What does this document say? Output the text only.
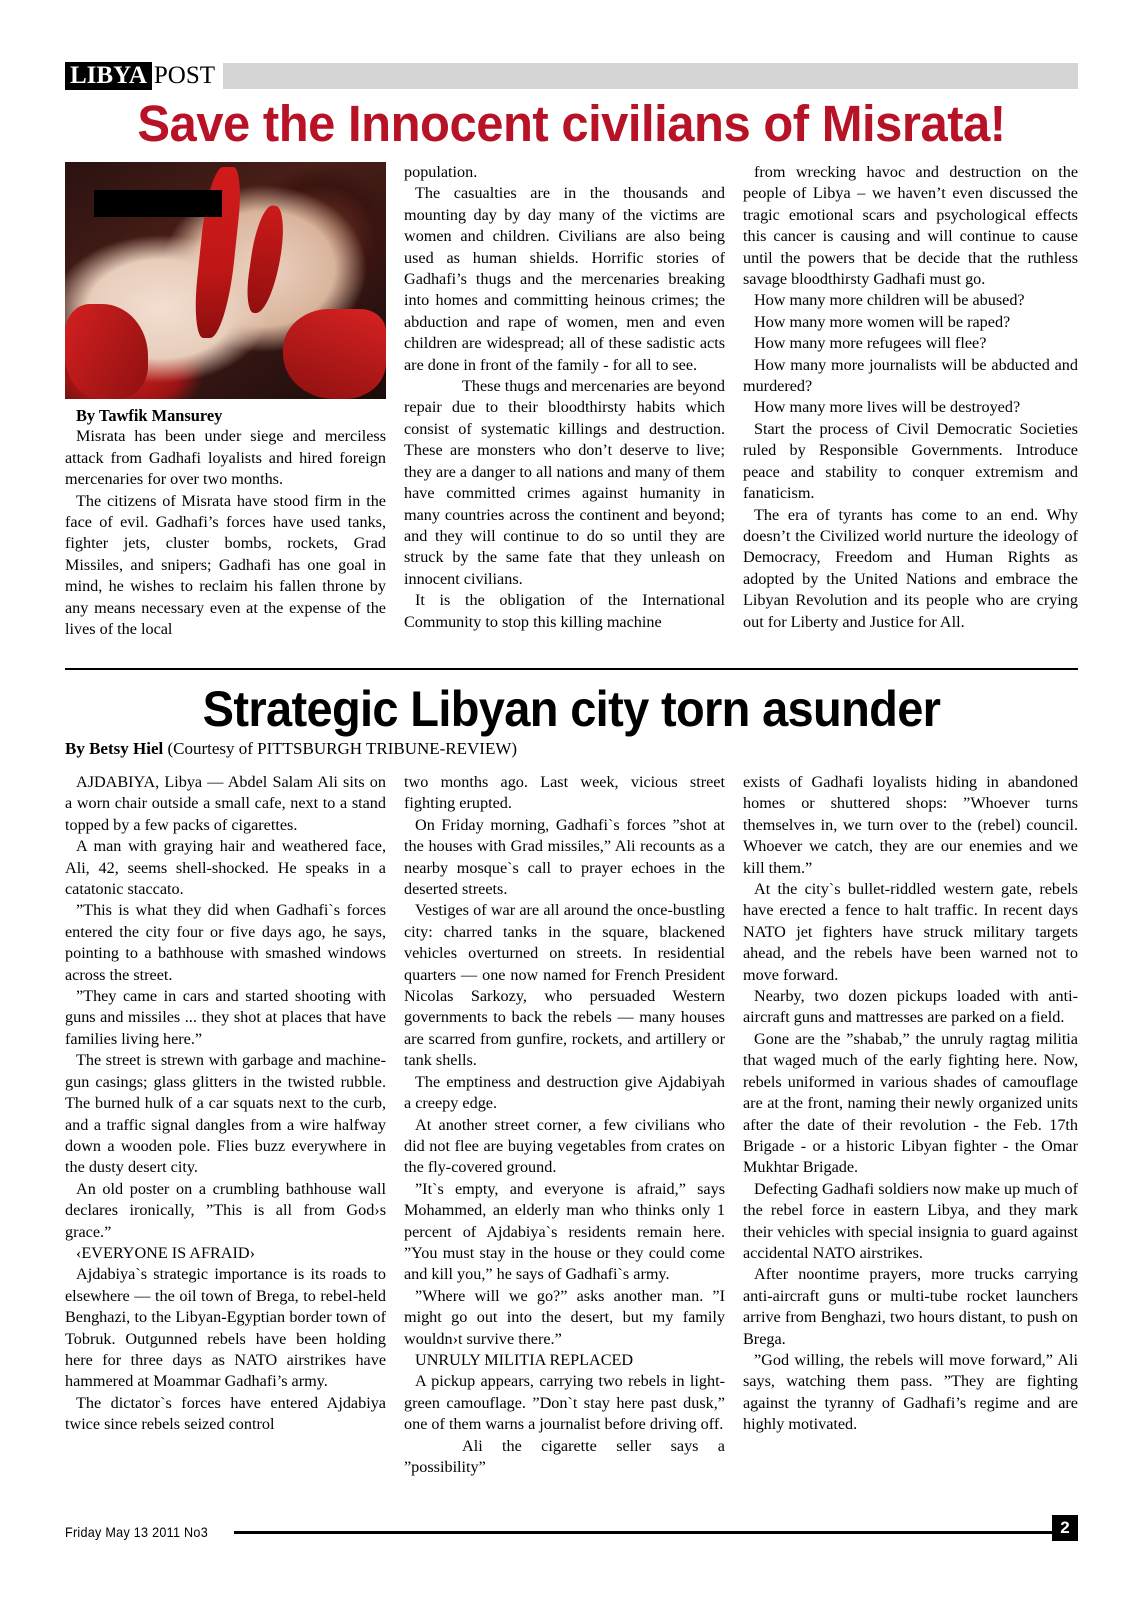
LIBYA POST
Save the Innocent civilians of Misrata!

By Tawfik Mansurey

Misrata has been under siege and merciless attack from Gadhafi loyalists and hired foreign mercenaries for over two months.

The citizens of Misrata have stood firm in the face of evil. Gadhafi’s forces have used tanks, fighter jets, cluster bombs, rockets, Grad Missiles, and snipers; Gadhafi has one goal in mind, he wishes to reclaim his fallen throne by any means necessary even at the expense of the lives of the local

population.

The casualties are in the thousands and mounting day by day many of the victims are women and children. Civilians are also being used as human shields. Horrific stories of Gadhafi’s thugs and the mercenaries breaking into homes and committing heinous crimes; the abduction and rape of women, men and even children are widespread; all of these sadistic acts are done in front of the family - for all to see.

These thugs and mercenaries are beyond repair due to their bloodthirsty habits which consist of systematic killings and destruction. These are monsters who don’t deserve to live; they are a danger to all nations and many of them have committed crimes against humanity in many countries across the continent and beyond; and they will continue to do so until they are struck by the same fate that they unleash on innocent civilians.

It is the obligation of the International Community to stop this killing machine

from wrecking havoc and destruction on the people of Libya – we haven’t even discussed the tragic emotional scars and psychological effects this cancer is causing and will continue to cause until the powers that be decide that the ruthless savage bloodthirsty Gadhafi must go.

How many more children will be abused?

How many more women will be raped?

How many more refugees will flee?

How many more journalists will be abducted and murdered?

How many more lives will be destroyed?

Start the process of Civil Democratic Societies ruled by Responsible Governments. Introduce peace and stability to conquer extremism and fanaticism.

The era of tyrants has come to an end. Why doesn’t the Civilized world nurture the ideology of Democracy, Freedom and Human Rights as adopted by the United Nations and embrace the Libyan Revolution and its people who are crying out for Liberty and Justice for All.

Strategic Libyan city torn asunder
By Betsy Hiel (Courtesy of PITTSBURGH TRIBUNE-REVIEW)

AJDABIYA, Libya — Abdel Salam Ali sits on a worn chair outside a small cafe, next to a stand topped by a few packs of cigarettes.

A man with graying hair and weathered face, Ali, 42, seems shell-shocked. He speaks in a catatonic staccato.

”This is what they did when Gadhafi`s forces entered the city four or five days ago, he says, pointing to a bathhouse with smashed windows across the street.

”They came in cars and started shooting with guns and missiles ... they shot at places that have families living here.”

The street is strewn with garbage and machine-gun casings; glass glitters in the twisted rubble. The burned hulk of a car squats next to the curb, and a traffic signal dangles from a wire halfway down a wooden pole. Flies buzz everywhere in the dusty desert city.

An old poster on a crumbling bathhouse wall declares ironically, ”This is all from God›s grace.”

‹EVERYONE IS AFRAID›

Ajdabiya`s strategic importance is its roads to elsewhere — the oil town of Brega, to rebel-held Benghazi, to the Libyan-Egyptian border town of Tobruk. Outgunned rebels have been holding here for three days as NATO airstrikes have hammered at Moammar Gadhafi’s army.

The dictator`s forces have entered Ajdabiya twice since rebels seized control

two months ago. Last week, vicious street fighting erupted.

On Friday morning, Gadhafi`s forces ”shot at the houses with Grad missiles,” Ali recounts as a nearby mosque`s call to prayer echoes in the deserted streets.

Vestiges of war are all around the once-bustling city: charred tanks in the square, blackened vehicles overturned on streets. In residential quarters — one now named for French President Nicolas Sarkozy, who persuaded Western governments to back the rebels — many houses are scarred from gunfire, rockets, and artillery or tank shells.

The emptiness and destruction give Ajdabiyah a creepy edge.

At another street corner, a few civilians who did not flee are buying vegetables from crates on the fly-covered ground.

”It`s empty, and everyone is afraid,” says Mohammed, an elderly man who thinks only 1 percent of Ajdabiya`s residents remain here. ”You must stay in the house or they could come and kill you,” he says of Gadhafi`s army.

”Where will we go?” asks another man. ”I might go out into the desert, but my family wouldn›t survive there.”

UNRULY MILITIA REPLACED

A pickup appears, carrying two rebels in light-green camouflage. ”Don`t stay here past dusk,” one of them warns a journalist before driving off.

Ali the cigarette seller says a ”possibility”

exists of Gadhafi loyalists hiding in abandoned homes or shuttered shops: ”Whoever turns themselves in, we turn over to the (rebel) council. Whoever we catch, they are our enemies and we kill them.”

At the city`s bullet-riddled western gate, rebels have erected a fence to halt traffic. In recent days NATO jet fighters have struck military targets ahead, and the rebels have been warned not to move forward.

Nearby, two dozen pickups loaded with anti-aircraft guns and mattresses are parked on a field.

Gone are the ”shabab,” the unruly ragtag militia that waged much of the early fighting here. Now, rebels uniformed in various shades of camouflage are at the front, naming their newly organized units after the date of their revolution - the Feb. 17th Brigade - or a historic Libyan fighter - the Omar Mukhtar Brigade.

Defecting Gadhafi soldiers now make up much of the rebel force in eastern Libya, and they mark their vehicles with special insignia to guard against accidental NATO airstrikes.

After noontime prayers, more trucks carrying anti-aircraft guns or multi-tube rocket launchers arrive from Benghazi, two hours distant, to push on Brega.

”God willing, the rebels will move forward,” Ali says, watching them pass. ”They are fighting against the tyranny of Gadhafi’s regime and are highly motivated.

Friday May 13 2011 No3	2
